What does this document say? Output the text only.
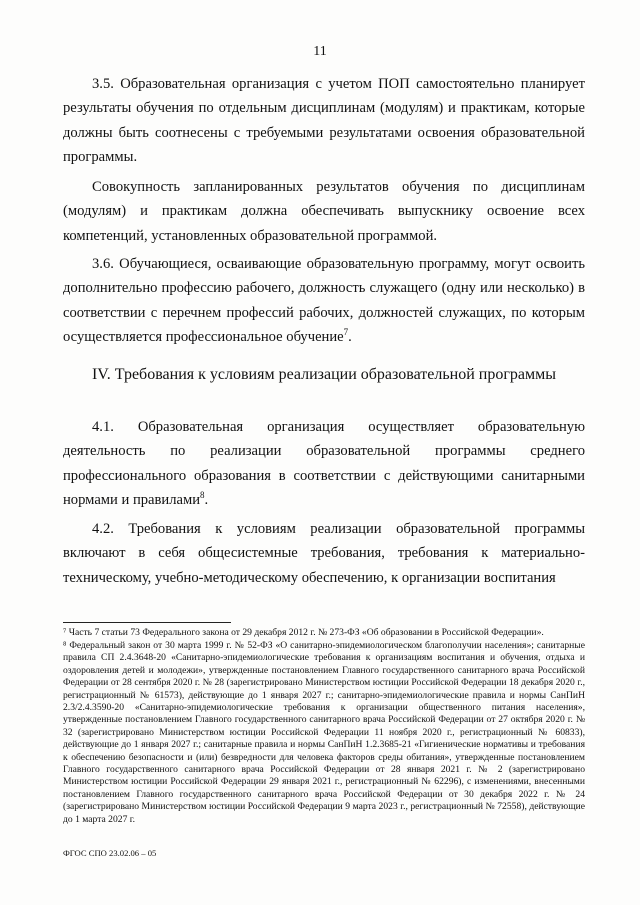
11
3.5. Образовательная организация с учетом ПОП самостоятельно планирует результаты обучения по отдельным дисциплинам (модулям) и практикам, которые должны быть соотнесены с требуемыми результатами освоения образовательной программы.
Совокупность запланированных результатов обучения по дисциплинам (модулям) и практикам должна обеспечивать выпускнику освоение всех компетенций, установленных образовательной программой.
3.6. Обучающиеся, осваивающие образовательную программу, могут освоить дополнительно профессию рабочего, должность служащего (одну или несколько) в соответствии с перечнем профессий рабочих, должностей служащих, по которым осуществляется профессиональное обучение$^7$.
IV. Требования к условиям реализации образовательной программы
4.1. Образовательная организация осуществляет образовательную деятельность по реализации образовательной программы среднего профессионального образования в соответствии с действующими санитарными нормами и правилами$^8$.
4.2. Требования к условиям реализации образовательной программы включают в себя общесистемные требования, требования к материально-техническому, учебно-методическому обеспечению, к организации воспитания
⁷ Часть 7 статьи 73 Федерального закона от 29 декабря 2012 г. № 273-ФЗ «Об образовании в Российской Федерации».
⁸ Федеральный закон от 30 марта 1999 г. № 52-ФЗ «О санитарно-эпидемиологическом благополучии населения»; санитарные правила СП 2.4.3648-20 «Санитарно-эпидемиологические требования к организациям воспитания и обучения, отдыха и оздоровления детей и молодежи», утвержденные постановлением Главного государственного санитарного врача Российской Федерации от 28 сентября 2020 г. № 28 (зарегистрировано Министерством юстиции Российской Федерации 18 декабря 2020 г., регистрационный № 61573), действующие до 1 января 2027 г.; санитарно-эпидемиологические правила и нормы СанПиН 2.3/2.4.3590-20 «Санитарно-эпидемиологические требования к организации общественного питания населения», утвержденные постановлением Главного государственного санитарного врача Российской Федерации от 27 октября 2020 г. № 32 (зарегистрировано Министерством юстиции Российской Федерации 11 ноября 2020 г., регистрационный № 60833), действующие до 1 января 2027 г.; санитарные правила и нормы СанПиН 1.2.3685-21 «Гигиенические нормативы и требования к обеспечению безопасности и (или) безвредности для человека факторов среды обитания», утвержденные постановлением Главного государственного санитарного врача Российской Федерации от 28 января 2021 г. № 2 (зарегистрировано Министерством юстиции Российской Федерации 29 января 2021 г., регистрационный № 62296), с изменениями, внесенными постановлением Главного государственного санитарного врача Российской Федерации от 30 декабря 2022 г. № 24 (зарегистрировано Министерством юстиции Российской Федерации 9 марта 2023 г., регистрационный № 72558), действующие до 1 марта 2027 г.
ФГОС СПО 23.02.06 – 05
